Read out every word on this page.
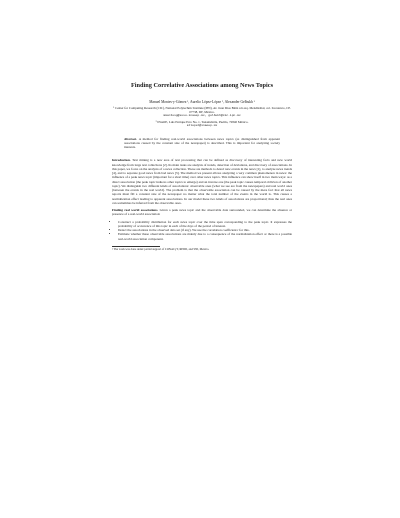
Finding Correlative Associations among News Topics
Manuel Montes-y-Gómez ¹, Aurelio López-López ², Alexander Gelbukh ¹
¹ Center for Computing Research (CIC), National Polytechnic Institute (IPN), Av. Juan Dios Bátiz s/n esq. Mendizábal, col. Zacatenco, CP. 07738, DF, México.
mmontesg@susu.inaoep.mx, gelbukh@cic.ipn.mx
² INAOE, Luis Enrique Erro No. 1, Tonantzintla, Puebla, 72840 México.
allopez@inaoep.mx
Abstract. A method for finding real-world associations between news topics (as distinguished from apparent associations caused by the constant size of the newspaper) is described. This is important for analyzing society interests.
Introduction. Text mining is a new area of text processing that can be defined as discovery of interesting facts and new world knowledge from large text collections [2]. Its main tasks are analysis of trends, detection of deviations, and discovery of associations. In this paper, we focus on the analysis of a news collection. These are methods to detect new events in the news [1], to analyze news trends [4], and to separate good news from bad news [3]. The method we present allows analyzing a very common phenomenon in news: the influence of a peak news topic (important for a short time) over other news topics. This influence can show itself in two main ways: as a direct association (the peak topic induces other topics to emerge) and an inverse one (the peak topic causes temporal oblivion of another topic). We distinguish two different kinds of associations: observable ones (what we see are from the newspapers) and real world ones (between the events in the real world). The problem is that the observable association can be caused by the mere fact that all news reports must fill a constant size of the newspaper no matter what the total number of the events in the world is. This causes a normalization effect leading to apparent associations. In our model these two kinds of associations are proportional; thus the real ones can sometimes be inferred from the observable ones.
Finding real world associations. Given a peak news topic and the observable data surrounded, we can determine the absence or presence of a real-world association:
• Construct a probability distribution for each news topic over the time span corresponding to the peak topic. It expresses the probability of occurrence of this topic in each of the days of the period of interest.
• Detect the associations in the observed data set (if any). We use the correlation coefficient r for this.
• Estimate whether these observable associations are mainly due to a consequence of the normalization effect or there is a possible real-world association component.
¹ The work was done under partial support of CONACyT, REDII, and SNI, Mexico.
